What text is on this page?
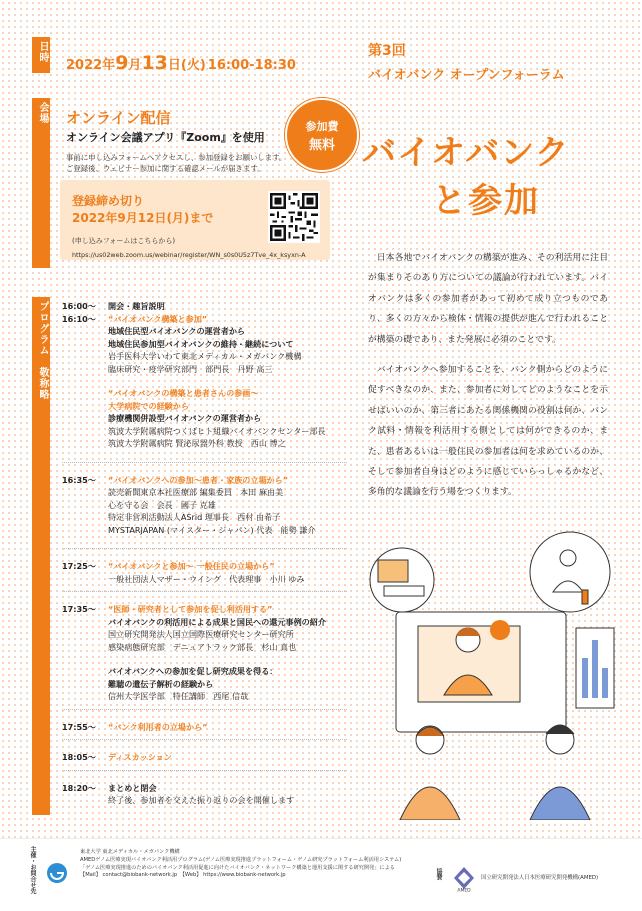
日時
会場
プログラム　敬称略
2022年9月13日(火) 16:00-18:30
第3回
バイオバンク オープンフォーラム
バイオバンク
と参加
参加費
無料
オンライン配信
オンライン会議アプリ『Zoom』を使用
事前に申し込みフォームへアクセスし、参加登録をお願いします。
ご登録後、ウェビナー参加に関する確認メールが届きます。
登録締め切り
2022年9月12日(月)まで
(申し込みフォームはこちらから)
https://us02web.zoom.us/webinar/register/WN_s0s0U5z7Tve_4x_ksyxn-A
16:00〜 開会・趣旨説明
16:10〜 “バイオバンク構築と参加”
地域住民型バイオバンクの運営者から
地域住民参加型バイオバンクの維持・継続について
岩手医科大学いわて東北メディカル・メガバンク機構
臨床研究・疫学研究部門　部門長　丹野 高三
“バイオバンクの構築と患者さんの参画〜
大学病院での経験から
診療機関併設型バイオバンクの運営者から
筑波大学附属病院つくばヒト組織バイオバンクセンター部長
筑波大学附属病院 腎泌尿器外科 教授　西山 博之
16:35〜 “バイオバンクへの参加〜患者・家族の立場から”
読売新聞東京本社医療部 編集委員　本田 麻由美
心を守る会　会長　國子 克雄
特定非営利活動法人ASrid 理事長　西村 由希子
MYSTARJAPAN (マイスター・ジャパン) 代表　能勢 謙介
17:25〜 “バイオバンクと参加〜 一般住民の立場から”
一般社団法人マザー・ウイング　代表理事　小川 ゆみ
17:35〜 “医師・研究者として参加を促し利活用する”
バイオバンクの利活用による成果と国民への還元事例の紹介
国立研究開発法人国立国際医療研究センター研究所
感染病態研究部　デニュアトラック部長　杉山 真也
バイオバンクへの参加を促し研究成果を得る：
難聴の遺伝子解析の経験から
信州大学医学部　特任講師　西尾 信哉
17:55〜 “バンク利用者の立場から”
18:05〜 ディスカッション
18:20〜 まとめと閉会
終了後、参加者を交えた振り返りの会を開催します

日本各地でバイオバンクの構築が進み、その利活用に注目が集まりそのあり方についての議論が行われています。バイオバンクは多くの参加者があって初めて成り立つものであり、多くの方々から検体・情報の提供が進んで行われることが構築の礎であり、また発展に必須のことです。

バイオバンクへ参加することを、バンク側からどのように促すべきなのか、また、参加者に対してどのようなことを示せばいいのか、第三者にあたる関係機関の役割は何か、バンク試料・情報を利活用する側としては何ができるのか、また、患者あるいは一般住民の参加者は何を求めているのか、そして参加者自身はどのように感じていらっしゃるかなど、多角的な議論を行う場をつくります。

主催・お問合せ先	東北大学 東北メディカル・メガバンク機構
AMEDゲノム医療実現バイオバンク利活用プログラム(ゲノム医療実現推進プラットフォーム・ゲノム研究プラットフォーム利活用システム)
「ゲノム医療実現推進のためのバイオバンク利活用促進に向けたバイオバンク・ネットワーク構築と運用支援に関する研究開発」による
【Mail】 contact@biobank-network.jp　【Web】 https://www.biobank-network.jp	協賛
AMED
国立研究開発法人日本医療研究開発機構(AMED)
